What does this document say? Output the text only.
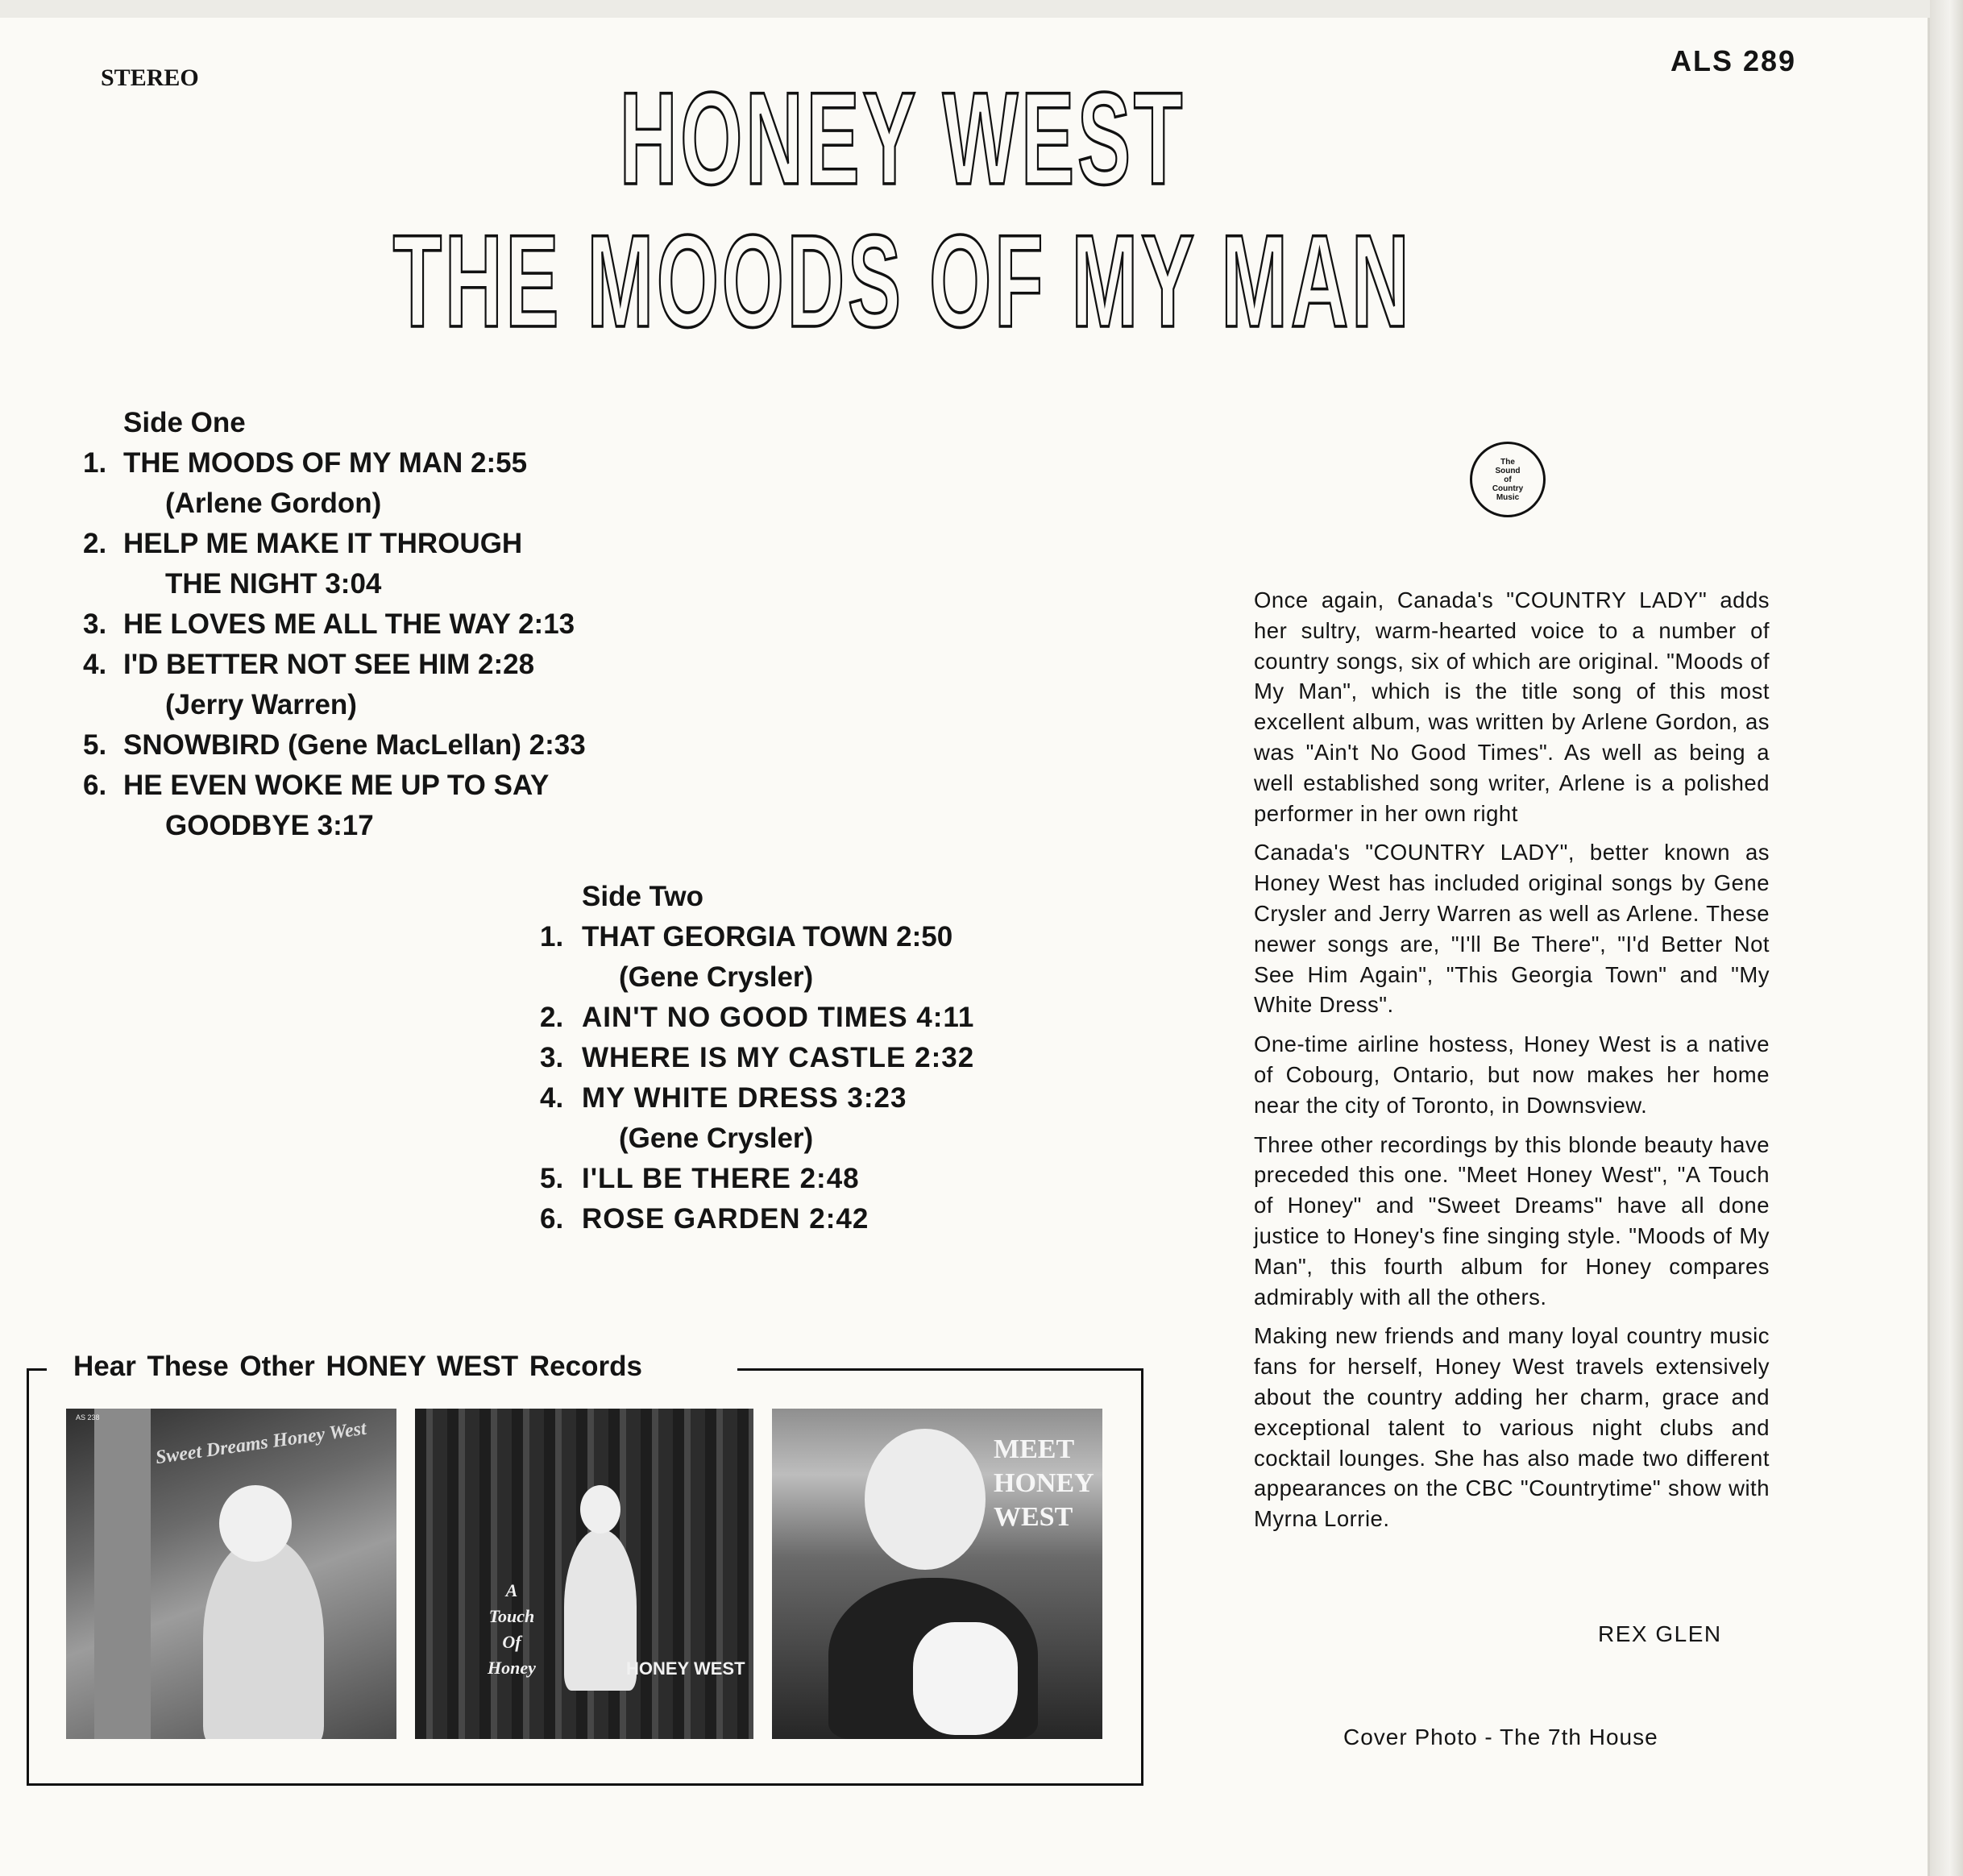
STEREO
ALS 289
HONEY WEST
THE MOODS OF MY MAN
Side One
1. THE MOODS OF MY MAN 2:55
(Arlene Gordon)
2. HELP ME MAKE IT THROUGH
THE NIGHT 3:04
3. HE LOVES ME ALL THE WAY 2:13
4. I'D BETTER NOT SEE HIM 2:28
(Jerry Warren)
5. SNOWBIRD (Gene MacLellan) 2:33
6. HE EVEN WOKE ME UP TO SAY
GOODBYE 3:17
Side Two
1. THAT GEORGIA TOWN 2:50
(Gene Crysler)
2. AIN'T NO GOOD TIMES 4:11
3. WHERE IS MY CASTLE 2:32
4. MY WHITE DRESS 3:23
(Gene Crysler)
5. I'LL BE THERE 2:48
6. ROSE GARDEN 2:42
The
Sound
of
Country
Music

Once again, Canada's "COUNTRY LADY" adds her sultry, warm-hearted voice to a number of country songs, six of which are original. "Moods of My Man", which is the title song of this most excellent album, was written by Arlene Gordon, as was "Ain't No Good Times". As well as being a well established song writer, Arlene is a polished performer in her own right

Canada's "COUNTRY LADY", better known as Honey West has included original songs by Gene Crysler and Jerry Warren as well as Arlene. These newer songs are, "I'll Be There", "I'd Better Not See Him Again", "This Georgia Town" and "My White Dress".

One-time airline hostess, Honey West is a native of Cobourg, Ontario, but now makes her home near the city of Toronto, in Downsview.

Three other recordings by this blonde beauty have preceded this one. "Meet Honey West", "A Touch of Honey" and "Sweet Dreams" have all done justice to Honey's fine singing style. "Moods of My Man", this fourth album for Honey compares admirably with all the others.

Making new friends and many loyal country music fans for herself, Honey West travels extensively about the country adding her charm, grace and exceptional talent to various night clubs and cocktail lounges. She has also made two different appearances on the CBC "Countrytime" show with Myrna Lorrie.

REX GLEN
Cover Photo - The 7th House
Hear These Other HONEY WEST Records
AS 238
Sweet Dreams Honey West
A
Touch
Of
Honey	HONEY WEST
MEET
HONEY
WEST
